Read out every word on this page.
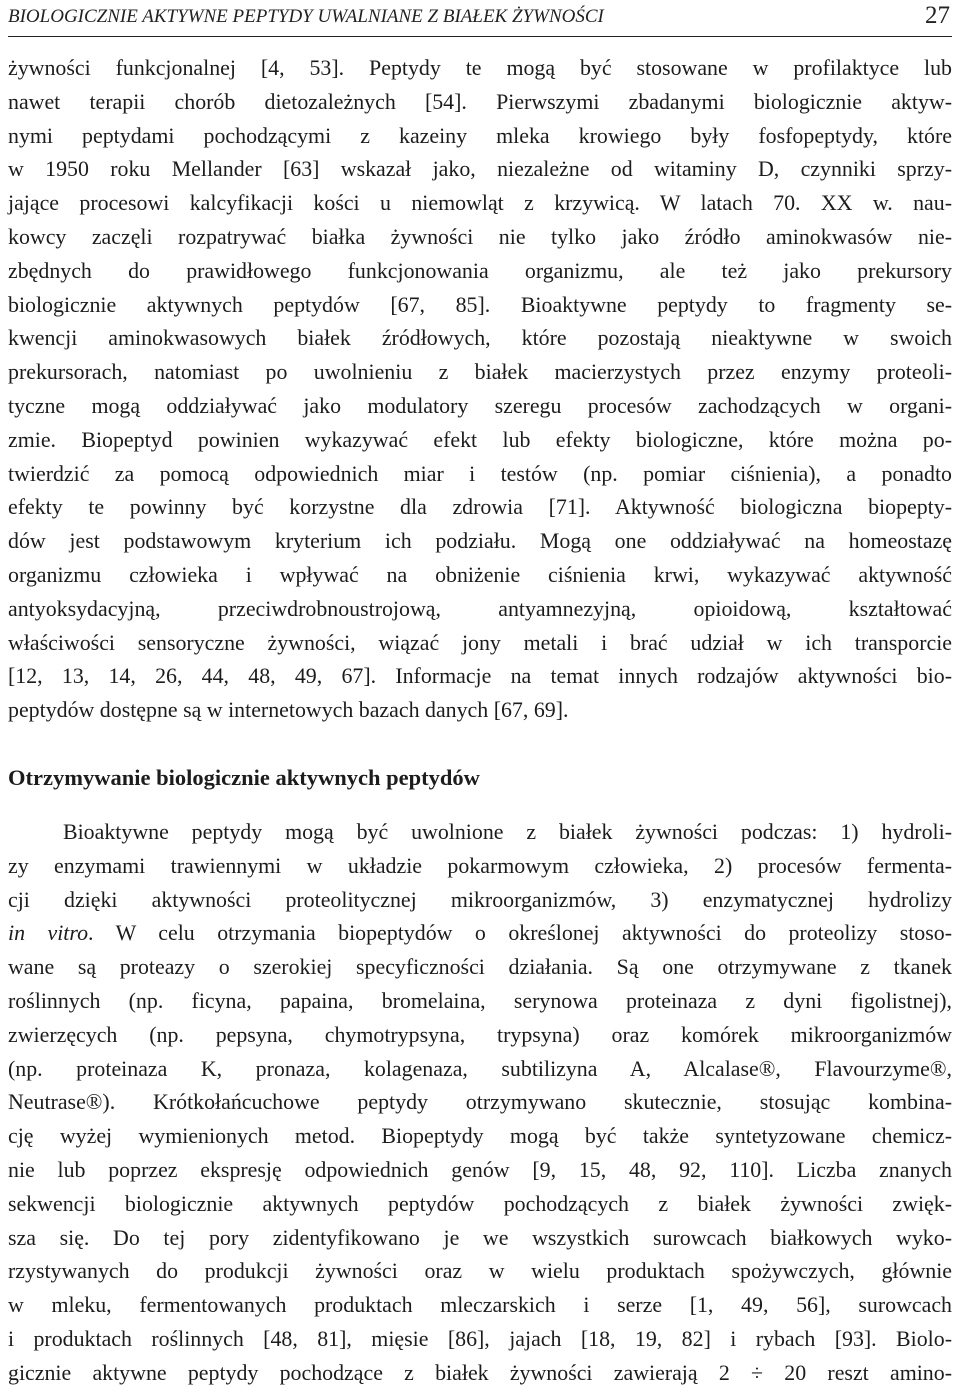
BIOLOGICZNIE AKTYWNE PEPTYDY UWALNIANE Z BIAŁEK ŻYWNOŚCI	27
żywności funkcjonalnej [4, 53]. Peptydy te mogą być stosowane w profilaktyce lub
nawet terapii chorób dietozależnych [54]. Pierwszymi zbadanymi biologicznie aktyw-
nymi peptydami pochodzącymi z kazeiny mleka krowiego były fosfopeptydy, które
w 1950 roku Mellander [63] wskazał jako, niezależne od witaminy D, czynniki sprzy-
jające procesowi kalcyfikacji kości u niemowląt z krzywicą. W latach 70. XX w. nau-
kowcy zaczęli rozpatrywać białka żywności nie tylko jako źródło aminokwasów nie-
zbędnych do prawidłowego funkcjonowania organizmu, ale też jako prekursory
biologicznie aktywnych peptydów [67, 85]. Bioaktywne peptydy to fragmenty se-
kwencji aminokwasowych białek źródłowych, które pozostają nieaktywne w swoich
prekursorach, natomiast po uwolnieniu z białek macierzystych przez enzymy proteoli-
tyczne mogą oddziaływać jako modulatory szeregu procesów zachodzących w organi-
zmie. Biopeptyd powinien wykazywać efekt lub efekty biologiczne, które można po-
twierdzić za pomocą odpowiednich miar i testów (np. pomiar ciśnienia), a ponadto
efekty te powinny być korzystne dla zdrowia [71]. Aktywność biologiczna biopepty-
dów jest podstawowym kryterium ich podziału. Mogą one oddziaływać na homeostazę
organizmu człowieka i wpływać na obniżenie ciśnienia krwi, wykazywać aktywność
antyoksydacyjną, przeciwdrobnoustrojową, antyamnezyjną, opioidową, kształtować
właściwości sensoryczne żywności, wiązać jony metali i brać udział w ich transporcie
[12, 13, 14, 26, 44, 48, 49, 67]. Informacje na temat innych rodzajów aktywności bio-
peptydów dostępne są w internetowych bazach danych [67, 69].
Otrzymywanie biologicznie aktywnych peptydów
Bioaktywne peptydy mogą być uwolnione z białek żywności podczas: 1) hydroli-
zy enzymami trawiennymi w układzie pokarmowym człowieka, 2) procesów fermenta-
cji dzięki aktywności proteolitycznej mikroorganizmów, 3) enzymatycznej hydrolizy
in vitro. W celu otrzymania biopeptydów o określonej aktywności do proteolizy stoso-
wane są proteazy o szerokiej specyficzności działania. Są one otrzymywane z tkanek
roślinnych (np. ficyna, papaina, bromelaina, serynowa proteinaza z dyni figolistnej),
zwierzęcych (np. pepsyna, chymotrypsyna, trypsyna) oraz komórek mikroorganizmów
(np. proteinaza K, pronaza, kolagenaza, subtilizyna A, Alcalase®, Flavourzyme®,
Neutrase®). Krótkołańcuchowe peptydy otrzymywano skutecznie, stosując kombina-
cję wyżej wymienionych metod. Biopeptydy mogą być także syntetyzowane chemicz-
nie lub poprzez ekspresję odpowiednich genów [9, 15, 48, 92, 110]. Liczba znanych
sekwencji biologicznie aktywnych peptydów pochodzących z białek żywności zwięk-
sza się. Do tej pory zidentyfikowano je we wszystkich surowcach białkowych wyko-
rzystywanych do produkcji żywności oraz w wielu produktach spożywczych, głównie
w mleku, fermentowanych produktach mleczarskich i serze [1, 49, 56], surowcach
i produktach roślinnych [48, 81], mięsie [86], jajach [18, 19, 82] i rybach [93]. Biolo-
gicznie aktywne peptydy pochodzące z białek żywności zawierają 2 ÷ 20 reszt amino-
